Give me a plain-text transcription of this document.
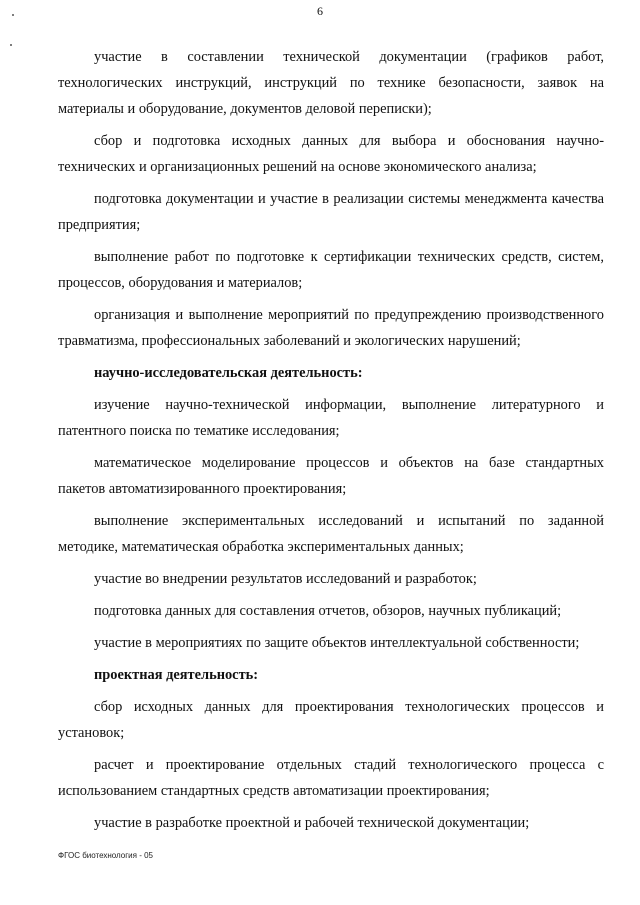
6

участие в составлении технической документации (графиков работ, технологических инструкций, инструкций по технике безопасности, заявок на материалы и оборудование, документов деловой переписки);

сбор и подготовка исходных данных для выбора и обоснования научно-технических и организационных решений на основе экономического анализа;

подготовка документации и участие в реализации системы менеджмента качества предприятия;

выполнение работ по подготовке к сертификации технических средств, систем, процессов, оборудования и материалов;

организация и выполнение мероприятий по предупреждению производственного травматизма, профессиональных заболеваний и экологических нарушений;

научно-исследовательская деятельность:

изучение научно-технической информации, выполнение литературного и патентного поиска по тематике исследования;

математическое моделирование процессов и объектов на базе стандартных пакетов автоматизированного проектирования;

выполнение экспериментальных исследований и испытаний по заданной методике, математическая обработка экспериментальных данных;

участие во внедрении результатов исследований и разработок;

подготовка данных для составления отчетов, обзоров, научных публикаций;

участие в мероприятиях по защите объектов интеллектуальной собственности;

проектная деятельность:

сбор исходных данных для проектирования технологических процессов и установок;

расчет и проектирование отдельных стадий технологического процесса с использованием стандартных средств автоматизации проектирования;

участие в разработке проектной и рабочей технической документации;

ФГОС биотехнология - 05
